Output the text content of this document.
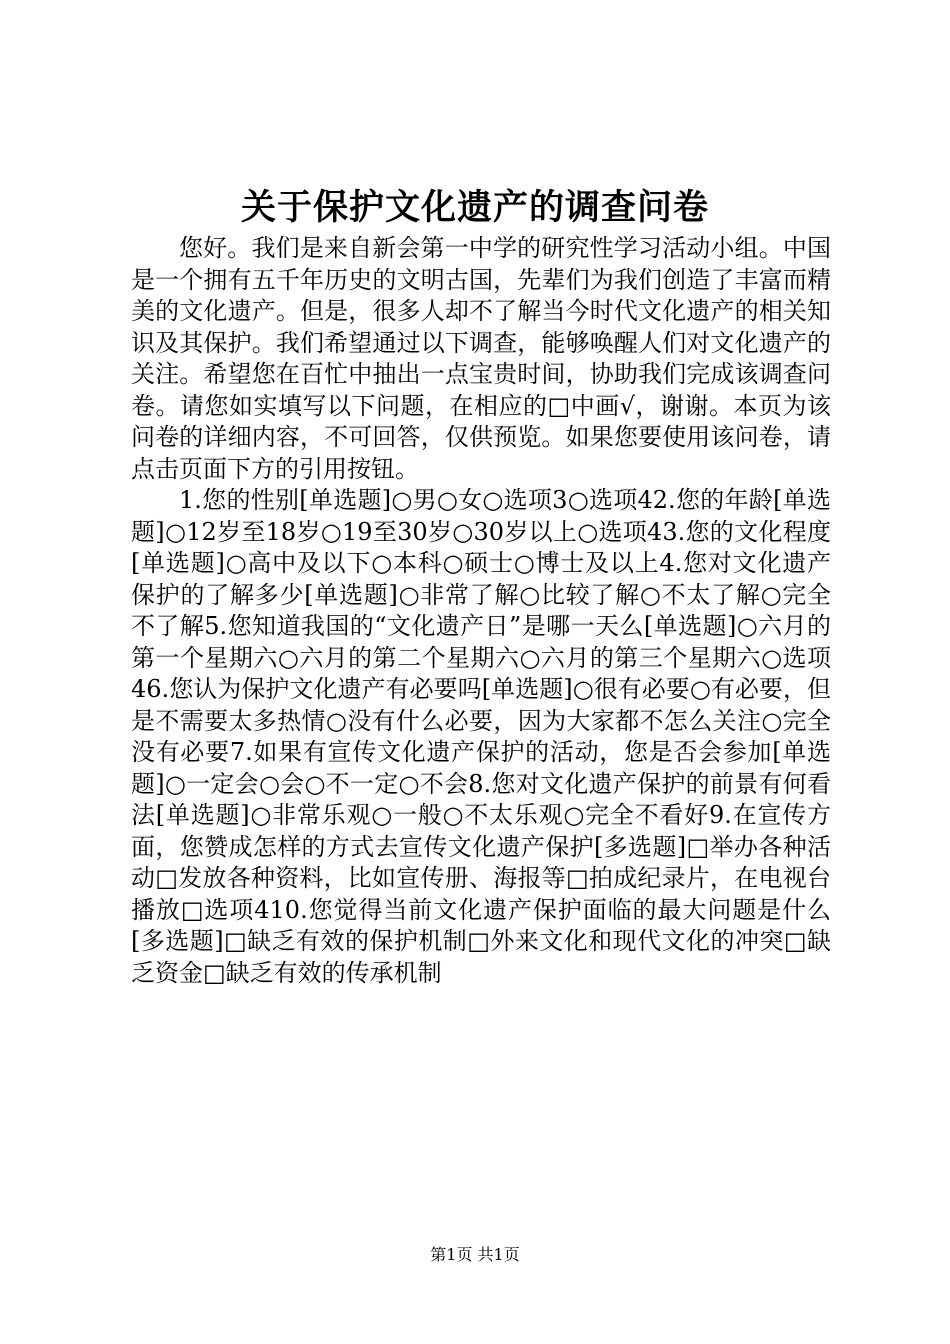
关于保护文化遗产的调查问卷

您好。我们是来自新会第一中学的研究性学习活动小组。中国是一个拥有五千年历史的文明古国，先辈们为我们创造了丰富而精美的文化遗产。但是，很多人却不了解当今时代文化遗产的相关知识及其保护。我们希望通过以下调查，能够唤醒人们对文化遗产的关注。希望您在百忙中抽出一点宝贵时间，协助我们完成该调查问卷。请您如实填写以下问题，在相应的□中画√，谢谢。本页为该问卷的详细内容，不可回答，仅供预览。如果您要使用该问卷，请点击页面下方的引用按钮。

1.您的性别[单选题]○男○女○选项3○选项42.您的年龄[单选题]○12岁至18岁○19至30岁○30岁以上○选项43.您的文化程度[单选题]○高中及以下○本科○硕士○博士及以上4.您对文化遗产保护的了解多少[单选题]○非常了解○比较了解○不太了解○完全不了解5.您知道我国的“文化遗产日”是哪一天么[单选题]○六月的第一个星期六○六月的第二个星期六○六月的第三个星期六○选项46.您认为保护文化遗产有必要吗[单选题]○很有必要○有必要，但是不需要太多热情○没有什么必要，因为大家都不怎么关注○完全没有必要7.如果有宣传文化遗产保护的活动，您是否会参加[单选题]○一定会○会○不一定○不会8.您对文化遗产保护的前景有何看法[单选题]○非常乐观○一般○不太乐观○完全不看好9.在宣传方面，您赞成怎样的方式去宣传文化遗产保护[多选题]□举办各种活动□发放各种资料，比如宣传册、海报等□拍成纪录片，在电视台播放□选项410.您觉得当前文化遗产保护面临的最大问题是什么[多选题]□缺乏有效的保护机制□外来文化和现代文化的冲突□缺乏资金□缺乏有效的传承机制

第1页 共1页
